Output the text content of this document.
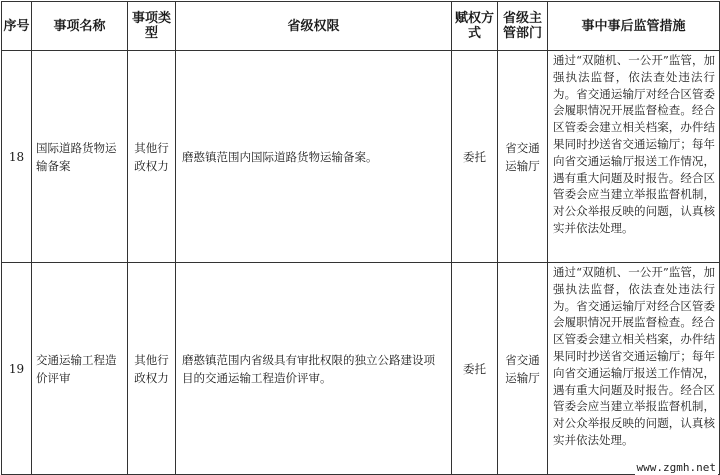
序号	事项名称	事项类型	省级权限	赋权方式	省级主管部门	事中事后监管措施
18	国际道路货物运输备案	其他行政权力	磨憨镇范围内国际道路货物运输备案。	委托	省交通运输厅	通过“双随机、一公开”监管，加强执法监督，依法查处违法行为。省交通运输厅对经合区管委会履职情况开展监督检查。经合区管委会建立相关档案，办件结果同时抄送省交通运输厅；每年向省交通运输厅报送工作情况，遇有重大问题及时报告。经合区管委会应当建立举报监督机制，对公众举报反映的问题，认真核实并依法处理。
19	交通运输工程造价评审	其他行政权力	磨憨镇范围内省级具有审批权限的独立公路建设项目的交通运输工程造价评审。	委托	省交通运输厅	通过“双随机、一公开”监管，加强执法监督，依法查处违法行为。省交通运输厅对经合区管委会履职情况开展监督检查。经合区管委会建立相关档案，办件结果同时抄送省交通运输厅；每年向省交通运输厅报送工作情况，遇有重大问题及时报告。经合区管委会应当建立举报监督机制，对公众举报反映的问题，认真核实并依法处理。
www.zgmh.net
